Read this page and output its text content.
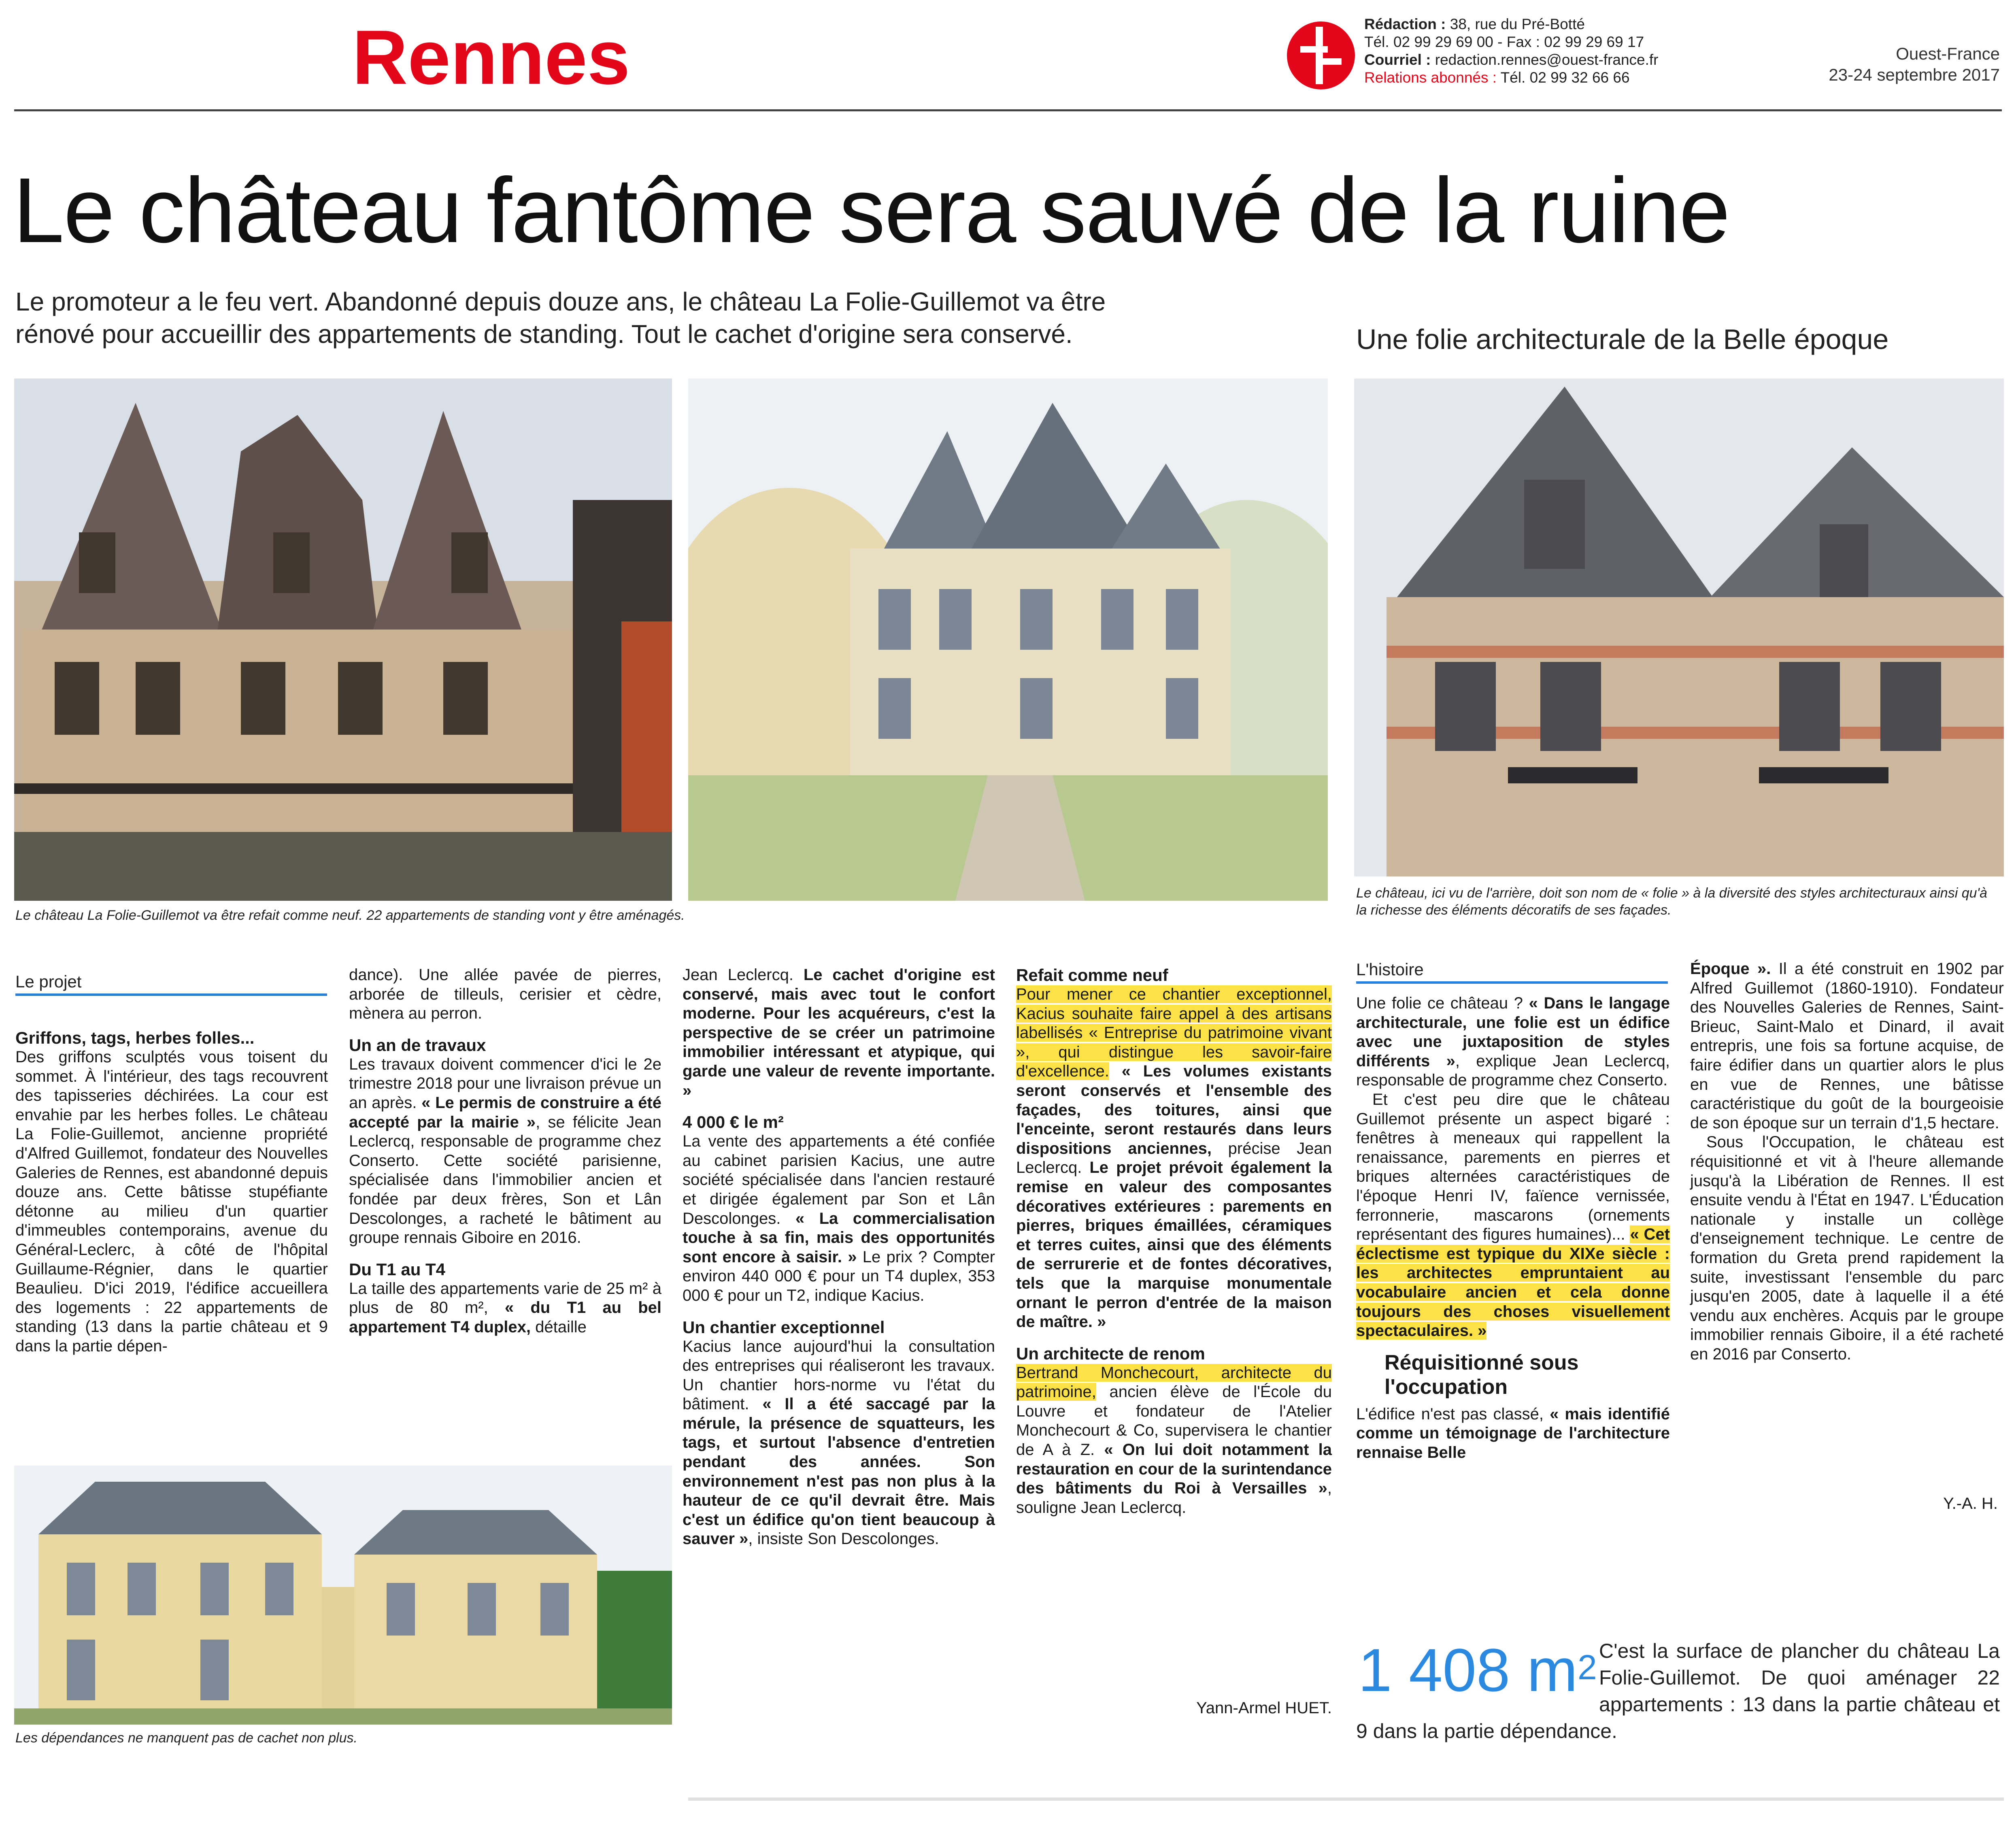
Rennes	Rédaction : 38, rue du Pré-Botté
Tél. 02 99 29 69 00 - Fax : 02 99 29 69 17
Courriel : redaction.rennes@ouest-france.fr
Relations abonnés : Tél. 02 99 32 66 66
Ouest-France
23-24 septembre 2017
Le château fantôme sera sauvé de la ruine

Le promoteur a le feu vert. Abandonné depuis douze ans, le château La Folie-Guillemot va être rénové pour accueillir des appartements de standing. Tout le cachet d'origine sera conservé.	Une folie architecturale de la Belle époque
Le château La Folie-Guillemot va être refait comme neuf. 22 appartements de standing vont y être aménagés.
Le château, ici vu de l'arrière, doit son nom de « folie » à la diversité des styles architecturaux ainsi qu'à la richesse des éléments décoratifs de ses façades.
Le projet
L'histoire
Griffons, tags, herbes folles...

Des griffons sculptés vous toisent du sommet. À l'intérieur, des tags recouvrent des tapisseries déchirées. La cour est envahie par les herbes folles. Le château La Folie-Guillemot, ancienne propriété d'Alfred Guillemot, fondateur des Nouvelles Galeries de Rennes, est abandonné depuis douze ans. Cette bâtisse stupéfiante détonne au milieu d'un quartier d'immeubles contemporains, avenue du Général-Leclerc, à côté de l'hôpital Guillaume-Régnier, dans le quartier Beaulieu. D'ici 2019, l'édifice accueillera des logements : 22 appartements de standing (13 dans la partie château et 9 dans la partie dépen-

dance). Une allée pavée de pierres, arborée de tilleuls, cerisier et cèdre, mènera au perron.

Un an de travaux

Les travaux doivent commencer d'ici le 2e trimestre 2018 pour une livraison prévue un an après. « Le permis de construire a été accepté par la mairie », se félicite Jean Leclercq, responsable de programme chez Conserto. Cette société parisienne, spécialisée dans l'immobilier ancien et fondée par deux frères, Son et Lân Descolonges, a racheté le bâtiment au groupe rennais Giboire en 2016.

Du T1 au T4

La taille des appartements varie de 25 m² à plus de 80 m², « du T1 au bel appartement T4 duplex, détaille

Jean Leclercq. Le cachet d'origine est conservé, mais avec tout le confort moderne. Pour les acquéreurs, c'est la perspective de se créer un patrimoine immobilier intéressant et atypique, qui garde une valeur de revente importante. »

4 000 € le m²

La vente des appartements a été confiée au cabinet parisien Kacius, une autre société spécialisée dans l'ancien restauré et dirigée également par Son et Lân Descolonges. « La commercialisation touche à sa fin, mais des opportunités sont encore à saisir. » Le prix ? Compter environ 440 000 € pour un T4 duplex, 353 000 € pour un T2, indique Kacius.

Un chantier exceptionnel

Kacius lance aujourd'hui la consultation des entreprises qui réaliseront les travaux. Un chantier hors-norme vu l'état du bâtiment. « Il a été saccagé par la mérule, la présence de squatteurs, les tags, et surtout l'absence d'entretien pendant des années. Son environnement n'est pas non plus à la hauteur de ce qu'il devrait être. Mais c'est un édifice qu'on tient beaucoup à sauver », insiste Son Descolonges.

Refait comme neuf

Pour mener ce chantier exceptionnel, Kacius souhaite faire appel à des artisans labellisés « Entreprise du patrimoine vivant », qui distingue les savoir-faire d'excellence. « Les volumes existants seront conservés et l'ensemble des façades, des toitures, ainsi que l'enceinte, seront restaurés dans leurs dispositions anciennes, précise Jean Leclercq. Le projet prévoit également la remise en valeur des composantes décoratives extérieures : parements en pierres, briques émaillées, céramiques et terres cuites, ainsi que des éléments de serrurerie et de fontes décoratives, tels que la marquise monumentale ornant le perron d'entrée de la maison de maître. »

Un architecte de renom

Bertrand Monchecourt, architecte du patrimoine, ancien élève de l'École du Louvre et fondateur de l'Atelier Monchecourt & Co, supervisera le chantier de A à Z. « On lui doit notamment la restauration en cour de la surintendance des bâtiments du Roi à Versailles », souligne Jean Leclercq.

Yann-Armel HUET.

Une folie ce château ? « Dans le langage architecturale, une folie est un édifice avec une juxtaposition de styles différents », explique Jean Leclercq, responsable de programme chez Conserto.

Et c'est peu dire que le château Guillemot présente un aspect bigaré : fenêtres à meneaux qui rappellent la renaissance, parements en pierres et briques alternées caractéristiques de l'époque Henri IV, faïence vernissée, ferronnerie, mascarons (ornements représentant des figures humaines)... « Cet éclectisme est typique du XIXe siècle : les architectes empruntaient au vocabulaire ancien et cela donne toujours des choses visuellement spectaculaires. »

Réquisitionné sous l'occupation

L'édifice n'est pas classé, « mais identifié comme un témoignage de l'architecture rennaise Belle

Époque ». Il a été construit en 1902 par Alfred Guillemot (1860-1910). Fondateur des Nouvelles Galeries de Rennes, Saint-Brieuc, Saint-Malo et Dinard, il avait entrepris, une fois sa fortune acquise, de faire édifier dans un quartier alors le plus en vue de Rennes, une bâtisse caractéristique du goût de la bourgeoisie de son époque sur un terrain d'1,5 hectare.

Sous l'Occupation, le château est réquisitionné et vit à l'heure allemande jusqu'à la Libération de Rennes. Il est ensuite vendu à l'État en 1947. L'Éducation nationale y installe un collège d'enseignement technique. Le centre de formation du Greta prend rapidement la suite, investissant l'ensemble du parc jusqu'en 2005, date à laquelle il a été vendu aux enchères. Acquis par le groupe immobilier rennais Giboire, il a été racheté en 2016 par Conserto.

Y.-A. H.
Les dépendances ne manquent pas de cachet non plus.
1 408 $m^2$ C'est la surface de plancher du château La Folie-Guillemot. De quoi aménager 22 appartements : 13 dans la partie château et 9 dans la partie dépendance.
